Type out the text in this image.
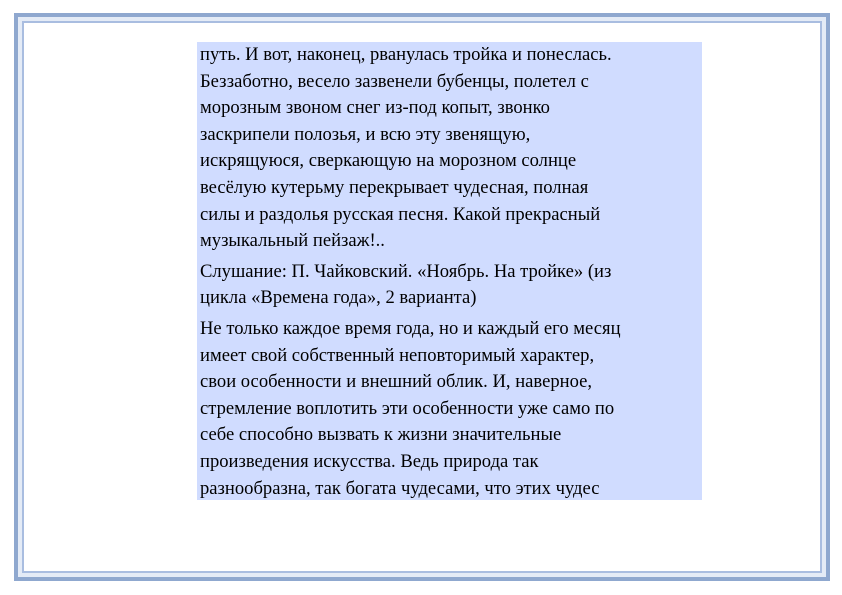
путь. И вот, наконец, рванулась тройка и понеслась.
Беззаботно, весело зазвенели бубенцы, полетел с
морозным звоном снег из-под копыт, звонко
заскрипели полозья, и всю эту звенящую,
искрящуюся, сверкающую на морозном солнце
весёлую кутерьму перекрывает чудесная, полная
силы и раздолья русская песня. Какой прекрасный
музыкальный пейзаж!..

Слушание: П. Чайковский. «Ноябрь. На тройке» (из
цикла «Времена года», 2 варианта)

Не только каждое время года, но и каждый его месяц
имеет свой собственный неповторимый характер,
свои особенности и внешний облик. И, наверное,
стремление воплотить эти особенности уже само по
себе способно вызвать к жизни значительные
произведения искусства. Ведь природа так
разнообразна, так богата чудесами, что этих чудес
